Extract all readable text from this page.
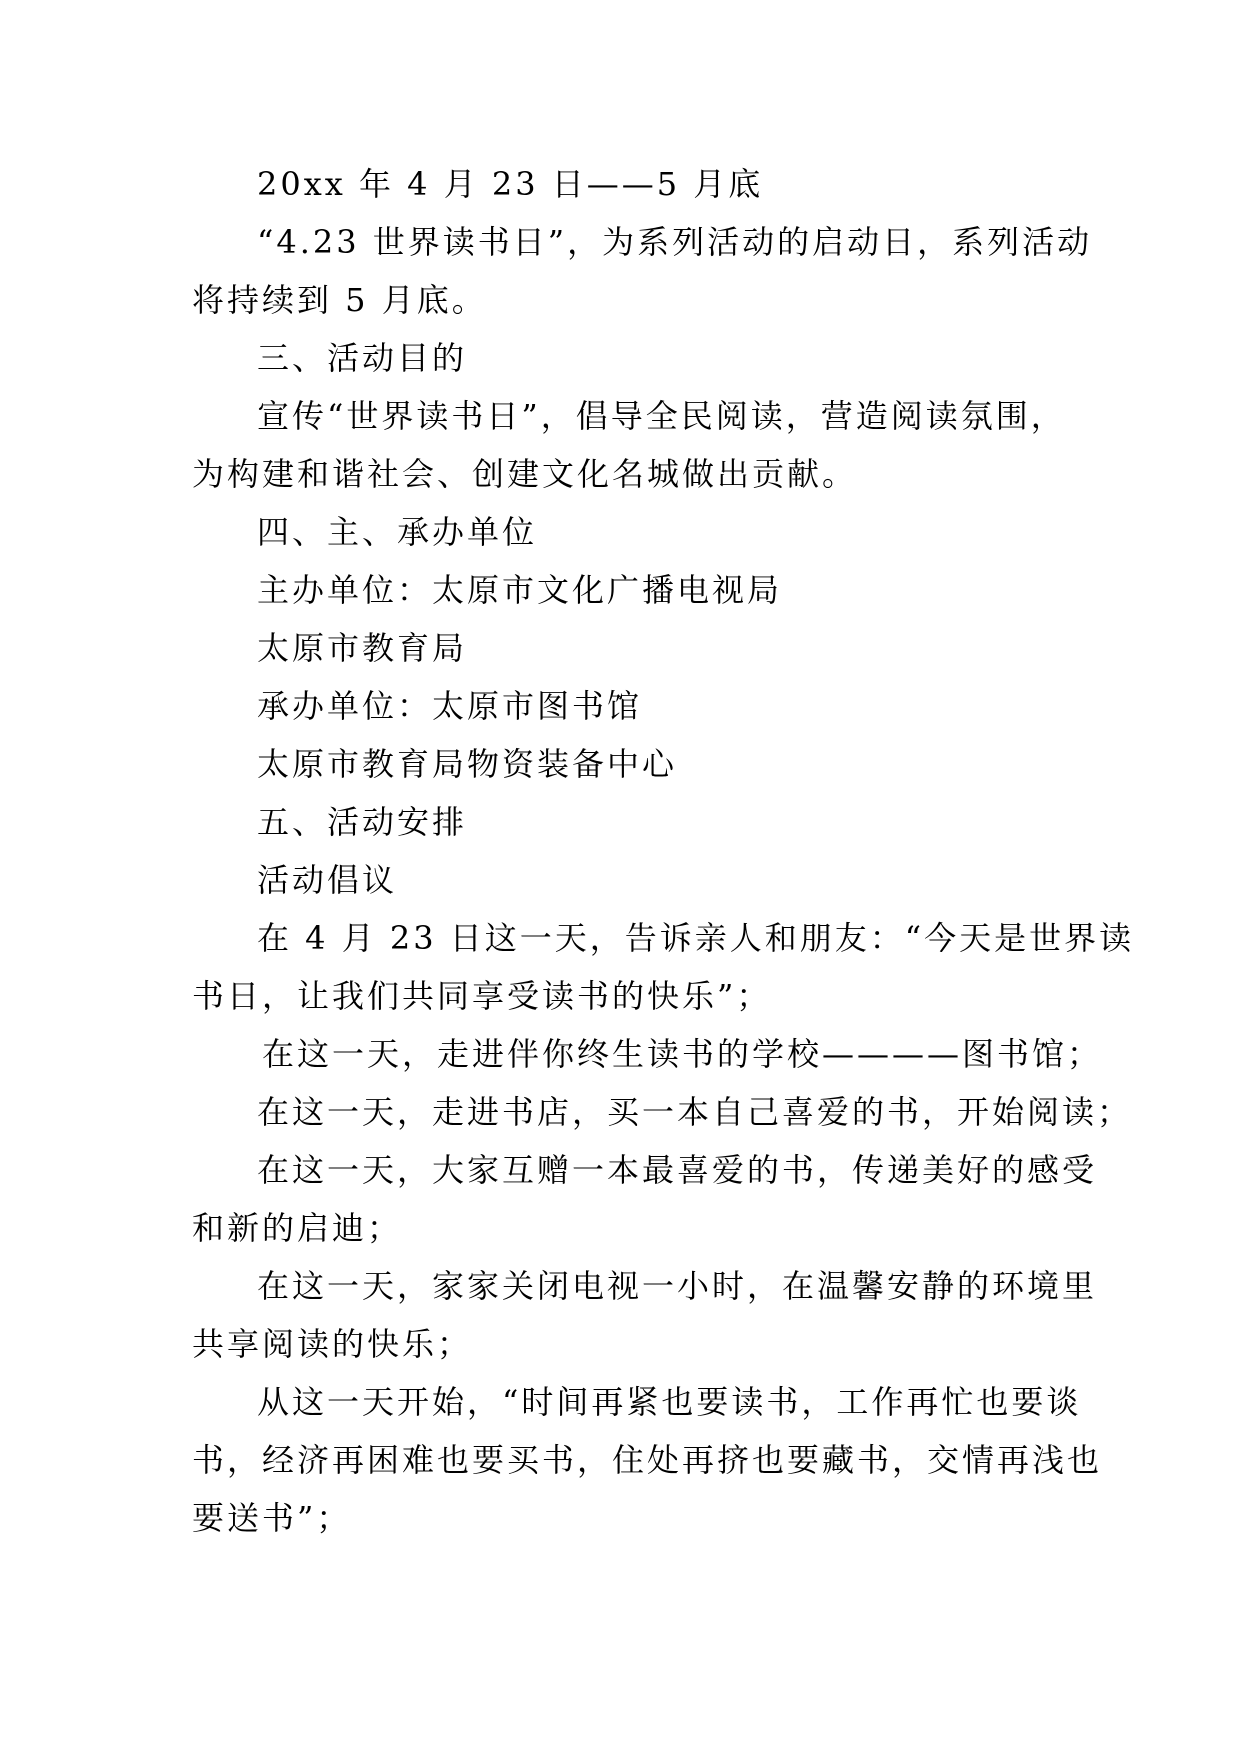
20xx 年 4 月 23 日——5 月底
“4.23 世界读书日”，为系列活动的启动日，系列活动
将持续到 5 月底。
三、活动目的
宣传“世界读书日”，倡导全民阅读，营造阅读氛围，
为构建和谐社会、创建文化名城做出贡献。
四、主、承办单位
主办单位：太原市文化广播电视局
太原市教育局
承办单位：太原市图书馆
太原市教育局物资装备中心
五、活动安排
活动倡议
在 4 月 23 日这一天，告诉亲人和朋友：“今天是世界读
书日，让我们共同享受读书的快乐”；
在这一天，走进伴你终生读书的学校————图书馆；
在这一天，走进书店，买一本自己喜爱的书，开始阅读；
在这一天，大家互赠一本最喜爱的书，传递美好的感受
和新的启迪；
在这一天，家家关闭电视一小时，在温馨安静的环境里
共享阅读的快乐；
从这一天开始，“时间再紧也要读书，工作再忙也要谈
书，经济再困难也要买书，住处再挤也要藏书，交情再浅也
要送书”；
